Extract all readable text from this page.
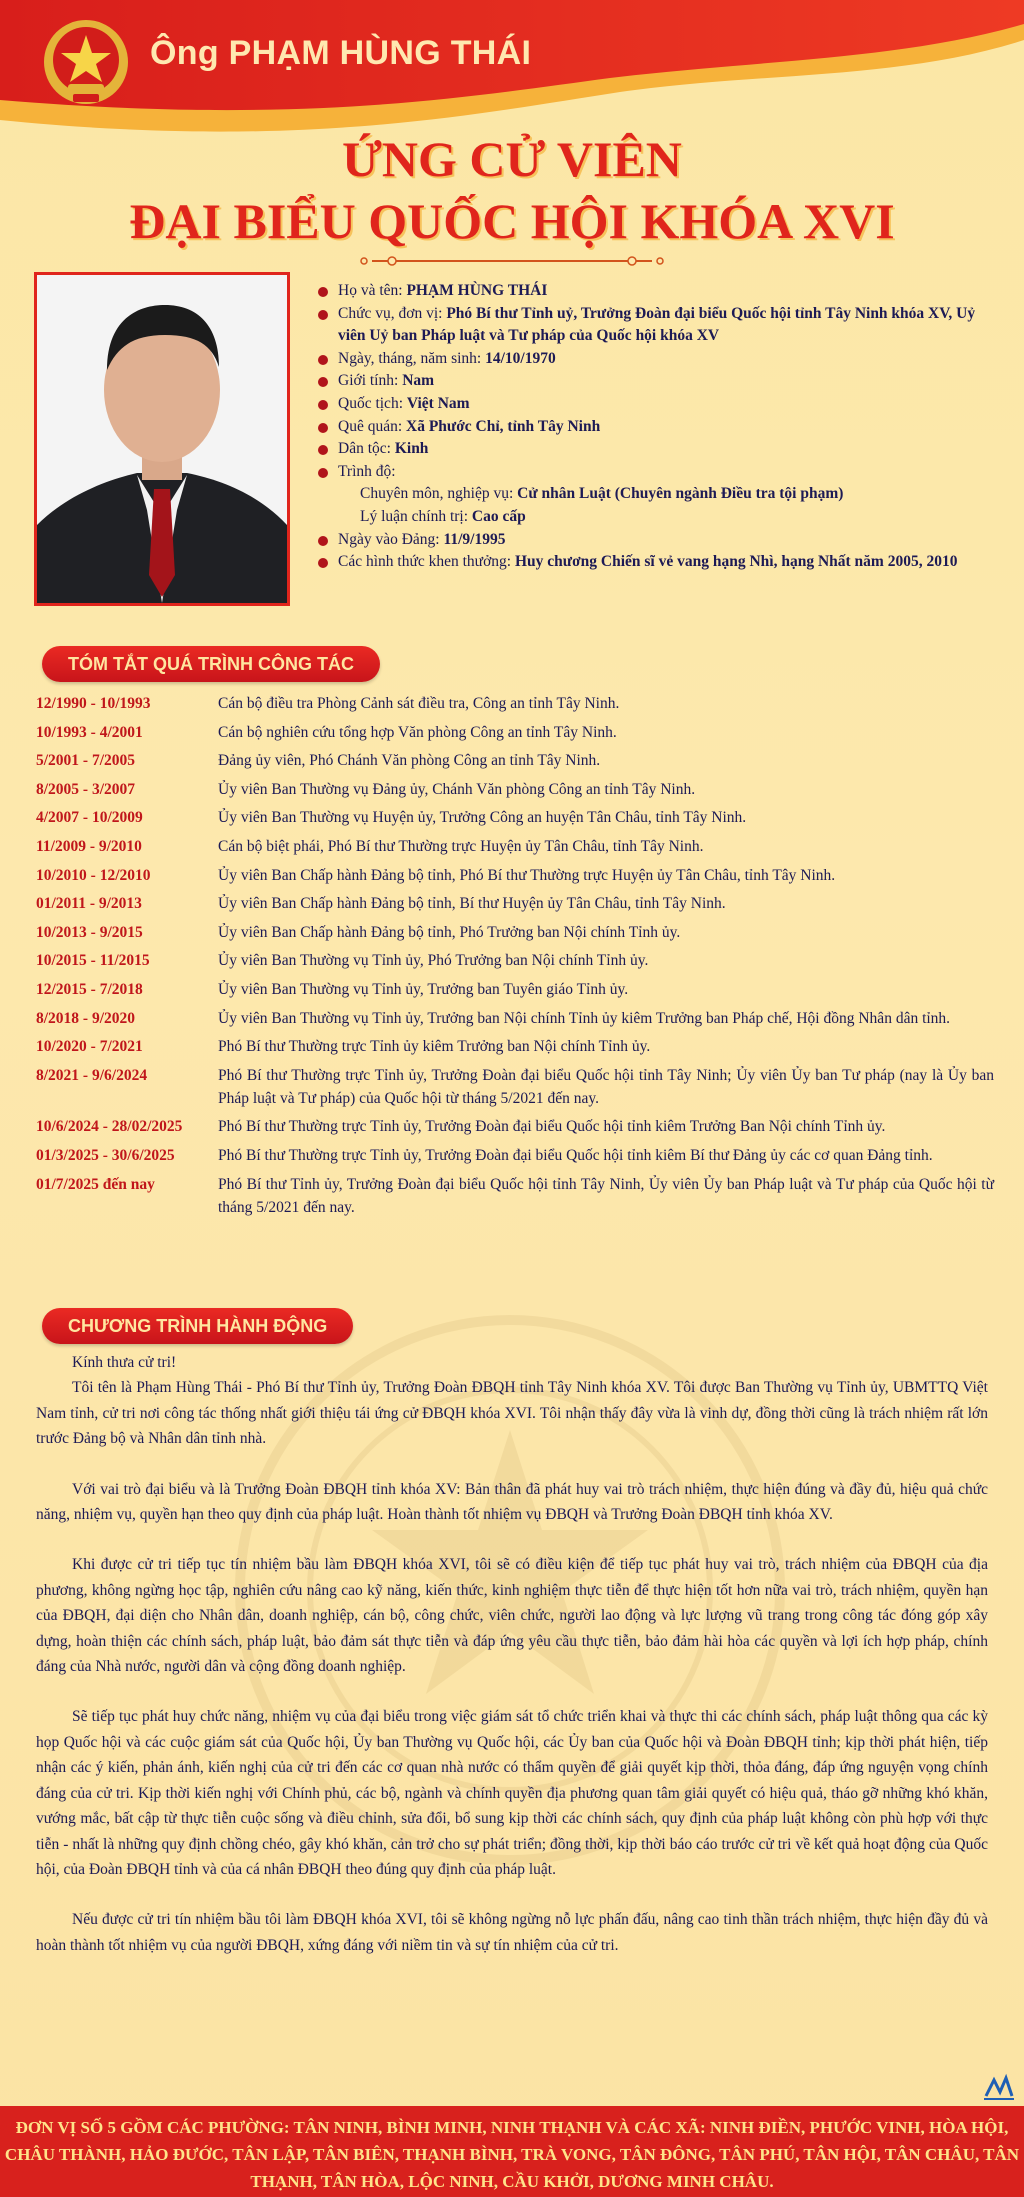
Ông PHẠM HÙNG THÁI
ỨNG CỬ VIÊN
ĐẠI BIỂU QUỐC HỘI KHÓA XVI
Họ và tên: PHẠM HÙNG THÁI
Chức vụ, đơn vị: Phó Bí thư Tỉnh uỷ, Trưởng Đoàn đại biểu Quốc hội tỉnh Tây Ninh khóa XV, Uỷ viên Uỷ ban Pháp luật và Tư pháp của Quốc hội khóa XV
Ngày, tháng, năm sinh: 14/10/1970
Giới tính: Nam
Quốc tịch: Việt Nam
Quê quán: Xã Phước Chỉ, tỉnh Tây Ninh
Dân tộc: Kinh
Trình độ:
Chuyên môn, nghiệp vụ: Cử nhân Luật (Chuyên ngành Điều tra tội phạm)
Lý luận chính trị: Cao cấp
Ngày vào Đảng: 11/9/1995
Các hình thức khen thưởng: Huy chương Chiến sĩ vẻ vang hạng Nhì, hạng Nhất năm 2005, 2010
TÓM TẮT QUÁ TRÌNH CÔNG TÁC
12/1990 - 10/1993	Cán bộ điều tra Phòng Cảnh sát điều tra, Công an tỉnh Tây Ninh.
10/1993 - 4/2001	Cán bộ nghiên cứu tổng hợp Văn phòng Công an tỉnh Tây Ninh.
5/2001 - 7/2005	Đảng ủy viên, Phó Chánh Văn phòng Công an tỉnh Tây Ninh.
8/2005 - 3/2007	Ủy viên Ban Thường vụ Đảng ủy, Chánh Văn phòng Công an tỉnh Tây Ninh.
4/2007 - 10/2009	Ủy viên Ban Thường vụ Huyện ủy, Trưởng Công an huyện Tân Châu, tỉnh Tây Ninh.
11/2009 - 9/2010	Cán bộ biệt phái, Phó Bí thư Thường trực Huyện ủy Tân Châu, tỉnh Tây Ninh.
10/2010 - 12/2010	Ủy viên Ban Chấp hành Đảng bộ tỉnh, Phó Bí thư Thường trực Huyện ủy Tân Châu, tỉnh Tây Ninh.
01/2011 - 9/2013	Ủy viên Ban Chấp hành Đảng bộ tỉnh, Bí thư Huyện ủy Tân Châu, tỉnh Tây Ninh.
10/2013 - 9/2015	Ủy viên Ban Chấp hành Đảng bộ tỉnh, Phó Trưởng ban Nội chính Tỉnh ủy.
10/2015 - 11/2015	Ủy viên Ban Thường vụ Tỉnh ủy, Phó Trưởng ban Nội chính Tỉnh ủy.
12/2015 - 7/2018	Ủy viên Ban Thường vụ Tỉnh ủy, Trưởng ban Tuyên giáo Tỉnh ủy.
8/2018 - 9/2020	Ủy viên Ban Thường vụ Tỉnh ủy, Trưởng ban Nội chính Tỉnh ủy kiêm Trưởng ban Pháp chế, Hội đồng Nhân dân tỉnh.
10/2020 - 7/2021	Phó Bí thư Thường trực Tỉnh ủy kiêm Trưởng ban Nội chính Tỉnh ủy.
8/2021 - 9/6/2024	Phó Bí thư Thường trực Tỉnh ủy, Trưởng Đoàn đại biểu Quốc hội tỉnh Tây Ninh; Ủy viên Ủy ban Tư pháp (nay là Ủy ban Pháp luật và Tư pháp) của Quốc hội từ tháng 5/2021 đến nay.
10/6/2024 - 28/02/2025	Phó Bí thư Thường trực Tỉnh ủy, Trưởng Đoàn đại biểu Quốc hội tỉnh kiêm Trưởng Ban Nội chính Tỉnh ủy.
01/3/2025 - 30/6/2025	Phó Bí thư Thường trực Tỉnh ủy, Trưởng Đoàn đại biểu Quốc hội tỉnh kiêm Bí thư Đảng ủy các cơ quan Đảng tỉnh.
01/7/2025 đến nay	Phó Bí thư Tỉnh ủy, Trưởng Đoàn đại biểu Quốc hội tỉnh Tây Ninh, Ủy viên Ủy ban Pháp luật và Tư pháp của Quốc hội từ tháng 5/2021 đến nay.
CHƯƠNG TRÌNH HÀNH ĐỘNG

Kính thưa cử tri!

Tôi tên là Phạm Hùng Thái - Phó Bí thư Tỉnh ủy, Trưởng Đoàn ĐBQH tỉnh Tây Ninh khóa XV. Tôi được Ban Thường vụ Tỉnh ủy, UBMTTQ Việt Nam tỉnh, cử tri nơi công tác thống nhất giới thiệu tái ứng cử ĐBQH khóa XVI. Tôi nhận thấy đây vừa là vinh dự, đồng thời cũng là trách nhiệm rất lớn trước Đảng bộ và Nhân dân tỉnh nhà.

Với vai trò đại biểu và là Trưởng Đoàn ĐBQH tỉnh khóa XV: Bản thân đã phát huy vai trò trách nhiệm, thực hiện đúng và đầy đủ, hiệu quả chức năng, nhiệm vụ, quyền hạn theo quy định của pháp luật. Hoàn thành tốt nhiệm vụ ĐBQH và Trưởng Đoàn ĐBQH tỉnh khóa XV.

Khi được cử tri tiếp tục tín nhiệm bầu làm ĐBQH khóa XVI, tôi sẽ có điều kiện để tiếp tục phát huy vai trò, trách nhiệm của ĐBQH của địa phương, không ngừng học tập, nghiên cứu nâng cao kỹ năng, kiến thức, kinh nghiệm thực tiễn để thực hiện tốt hơn nữa vai trò, trách nhiệm, quyền hạn của ĐBQH, đại diện cho Nhân dân, doanh nghiệp, cán bộ, công chức, viên chức, người lao động và lực lượng vũ trang trong công tác đóng góp xây dựng, hoàn thiện các chính sách, pháp luật, bảo đảm sát thực tiễn và đáp ứng yêu cầu thực tiễn, bảo đảm hài hòa các quyền và lợi ích hợp pháp, chính đáng của Nhà nước, người dân và cộng đồng doanh nghiệp.

Sẽ tiếp tục phát huy chức năng, nhiệm vụ của đại biểu trong việc giám sát tổ chức triển khai và thực thi các chính sách, pháp luật thông qua các kỳ họp Quốc hội và các cuộc giám sát của Quốc hội, Ủy ban Thường vụ Quốc hội, các Ủy ban của Quốc hội và Đoàn ĐBQH tỉnh; kịp thời phát hiện, tiếp nhận các ý kiến, phản ánh, kiến nghị của cử tri đến các cơ quan nhà nước có thẩm quyền để giải quyết kịp thời, thỏa đáng, đáp ứng nguyện vọng chính đáng của cử tri. Kịp thời kiến nghị với Chính phủ, các bộ, ngành và chính quyền địa phương quan tâm giải quyết có hiệu quả, tháo gỡ những khó khăn, vướng mắc, bất cập từ thực tiễn cuộc sống và điều chỉnh, sửa đổi, bổ sung kịp thời các chính sách, quy định của pháp luật không còn phù hợp với thực tiễn - nhất là những quy định chồng chéo, gây khó khăn, cản trở cho sự phát triển; đồng thời, kịp thời báo cáo trước cử tri về kết quả hoạt động của Quốc hội, của Đoàn ĐBQH tỉnh và của cá nhân ĐBQH theo đúng quy định của pháp luật.

Nếu được cử tri tín nhiệm bầu tôi làm ĐBQH khóa XVI, tôi sẽ không ngừng nỗ lực phấn đấu, nâng cao tinh thần trách nhiệm, thực hiện đầy đủ và hoàn thành tốt nhiệm vụ của người ĐBQH, xứng đáng với niềm tin và sự tín nhiệm của cử tri.

ĐƠN VỊ SỐ 5 GỒM CÁC PHƯỜNG: TÂN NINH, BÌNH MINH, NINH THẠNH VÀ CÁC XÃ: NINH ĐIỀN, PHƯỚC VINH, HÒA HỘI, CHÂU THÀNH, HẢO ĐƯỚC, TÂN LẬP, TÂN BIÊN, THẠNH BÌNH, TRÀ VONG, TÂN ĐÔNG, TÂN PHÚ, TÂN HỘI, TÂN CHÂU, TÂN THẠNH, TÂN HÒA, LỘC NINH, CẦU KHỞI, DƯƠNG MINH CHÂU.
